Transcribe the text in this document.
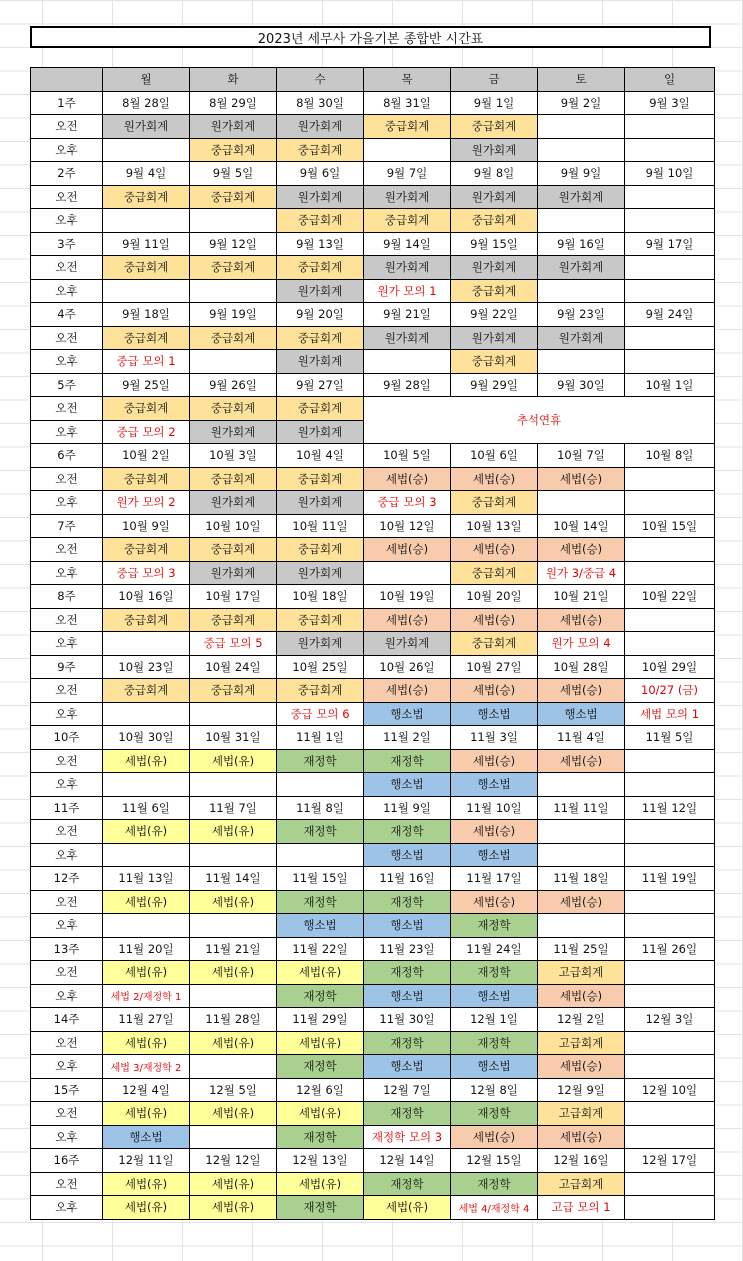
2023년 세무사 가을기본 종합반 시간표
	월	화	수	목	금	토	일
1주	8월 28일	8월 29일	8월 30일	8월 31일	9월 1일	9월 2일	9월 3일
오전	원가회계	원가회계	원가회계	중급회계	중급회계		
오후		중급회계	중급회계		원가회계		
2주	9월 4일	9월 5일	9월 6일	9월 7일	9월 8일	9월 9일	9월 10일
오전	중급회계	중급회계	원가회계	원가회계	원가회계	원가회계	
오후			중급회계	중급회계	중급회계		
3주	9월 11일	9월 12일	9월 13일	9월 14일	9월 15일	9월 16일	9월 17일
오전	중급회계	중급회계	중급회계	원가회계	원가회계	원가회계	
오후			원가회계	원가 모의 1	중급회계		
4주	9월 18일	9월 19일	9월 20일	9월 21일	9월 22일	9월 23일	9월 24일
오전	중급회계	중급회계	중급회계	원가회계	원가회계	원가회계	
오후	중급 모의 1		원가회계		중급회계		
5주	9월 25일	9월 26일	9월 27일	9월 28일	9월 29일	9월 30일	10월 1일
오전	중급회계	중급회계	중급회계	추석연휴			
오후	중급 모의 2	원가회계	원가회계				
6주	10월 2일	10월 3일	10월 4일	10월 5일	10월 6일	10월 7일	10월 8일
오전	중급회계	중급회계	중급회계	세법(승)	세법(승)	세법(승)	
오후	원가 모의 2	원가회계	원가회계	중급 모의 3	중급회계		
7주	10월 9일	10월 10일	10월 11일	10월 12일	10월 13일	10월 14일	10월 15일
오전	중급회계	중급회계	중급회계	세법(승)	세법(승)	세법(승)	
오후	중급 모의 3	원가회계	원가회계		중급회계	원가 3/중급 4	
8주	10월 16일	10월 17일	10월 18일	10월 19일	10월 20일	10월 21일	10월 22일
오전	중급회계	중급회계	중급회계	세법(승)	세법(승)	세법(승)	
오후		중급 모의 5	원가회계	원가회계	중급회계	원가 모의 4	
9주	10월 23일	10월 24일	10월 25일	10월 26일	10월 27일	10월 28일	10월 29일
오전	중급회계	중급회계	중급회계	세법(승)	세법(승)	세법(승)	10/27 (금)
오후			중급 모의 6	행소법	행소법	행소법	세법 모의 1
10주	10월 30일	10월 31일	11월 1일	11월 2일	11월 3일	11월 4일	11월 5일
오전	세법(유)	세법(유)	재정학	재정학	세법(승)	세법(승)	
오후				행소법	행소법		
11주	11월 6일	11월 7일	11월 8일	11월 9일	11월 10일	11월 11일	11월 12일
오전	세법(유)	세법(유)	재정학	재정학	세법(승)		
오후				행소법	행소법		
12주	11월 13일	11월 14일	11월 15일	11월 16일	11월 17일	11월 18일	11월 19일
오전	세법(유)	세법(유)	재정학	재정학	세법(승)	세법(승)	
오후			행소법	행소법	재정학		
13주	11월 20일	11월 21일	11월 22일	11월 23일	11월 24일	11월 25일	11월 26일
오전	세법(유)	세법(유)	세법(유)	재정학	재정학	고급회계	
오후	세법 2/재정학 1		재정학	행소법	행소법	세법(승)	
14주	11월 27일	11월 28일	11월 29일	11월 30일	12월 1일	12월 2일	12월 3일
오전	세법(유)	세법(유)	세법(유)	재정학	재정학	고급회계	
오후	세법 3/재정학 2		재정학	행소법	행소법	세법(승)	
15주	12월 4일	12월 5일	12월 6일	12월 7일	12월 8일	12월 9일	12월 10일
오전	세법(유)	세법(유)	세법(유)	재정학	재정학	고급회계	
오후	행소법		재정학	재정학 모의 3	세법(승)	세법(승)	
16주	12월 11일	12월 12일	12월 13일	12월 14일	12월 15일	12월 16일	12월 17일
오전	세법(유)	세법(유)	세법(유)	재정학	재정학	고급회계	
오후	세법(유)	세법(유)	재정학	세법(유)	세법 4/재정학 4	고급 모의 1	
